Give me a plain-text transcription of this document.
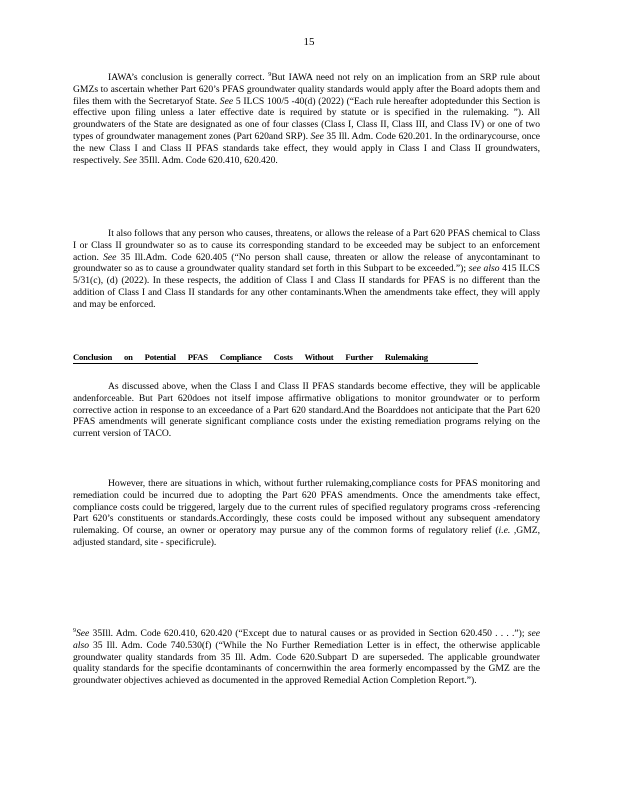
15

IAWA’s conclusion is generally correct. $^9$But IAWA need not rely on an implication from an SRP rule about GMZs to ascertain whether Part 620’s PFAS groundwater quality standards would apply after the Board adopts them and files them with the Secretaryof State. See 5 ILCS 100/5 -40(d) (2022) (“Each rule hereafter adoptedunder this Section is effective upon filing unless a later effective date is required by statute or is specified in the rulemaking. ”). All groundwaters of the State are designated as one of four classes (Class I, Class II, Class III, and Class IV) or one of two types of groundwater management zones (Part 620and SRP). See 35 Ill. Adm. Code 620.201. In the ordinarycourse, once the new Class I and Class II PFAS standards take effect, they would apply in Class I and Class II groundwaters, respectively. See 35Ill. Adm. Code 620.410, 620.420.

It also follows that any person who causes, threatens, or allows the release of a Part 620 PFAS chemical to Class I or Class II groundwater so as to cause its corresponding standard to be exceeded may be subject to an enforcement action. See 35 Ill.Adm. Code 620.405 (“No person shall cause, threaten or allow the release of anycontaminant to groundwater so as to cause a groundwater quality standard set forth in this Subpart to be exceeded.”); see also 415 ILCS 5/31(c), (d) (2022). In these respects, the addition of Class I and Class II standards for PFAS is no different than the addition of Class I and Class II standards for any other contaminants.When the amendments take effect, they will apply and may be enforced.

Conclusion on Potential PFAS Compliance Costs Without Further Rulemaking

As discussed above, when the Class I and Class II PFAS standards become effective, they will be applicable andenforceable. But Part 620does not itself impose affirmative obligations to monitor groundwater or to perform corrective action in response to an exceedance of a Part 620 standard.And the Boarddoes not anticipate that the Part 620 PFAS amendments will generate significant compliance costs under the existing remediation programs relying on the current version of TACO.

However, there are situations in which, without further rulemaking,compliance costs for PFAS monitoring and remediation could be incurred due to adopting the Part 620 PFAS amendments. Once the amendments take effect, compliance costs could be triggered, largely due to the current rules of specified regulatory programs cross -referencing Part 620’s constituents or standards.Accordingly, these costs could be imposed without any subsequent amendatory rulemaking. Of course, an owner or operatory may pursue any of the common forms of regulatory relief (i.e. ,GMZ, adjusted standard, site - specificrule).

$^9$See 35Ill. Adm. Code 620.410, 620.420 (“Except due to natural causes or as provided in Section 620.450 . . . .”); see also 35 Ill. Adm. Code 740.530(f) (“While the No Further Remediation Letter is in effect, the otherwise applicable groundwater quality standards from 35 Ill. Adm. Code 620.Subpart D are superseded. The applicable groundwater quality standards for the specifie dcontaminants of concernwithin the area formerly encompassed by the GMZ are the groundwater objectives achieved as documented in the approved Remedial Action Completion Report.”).
